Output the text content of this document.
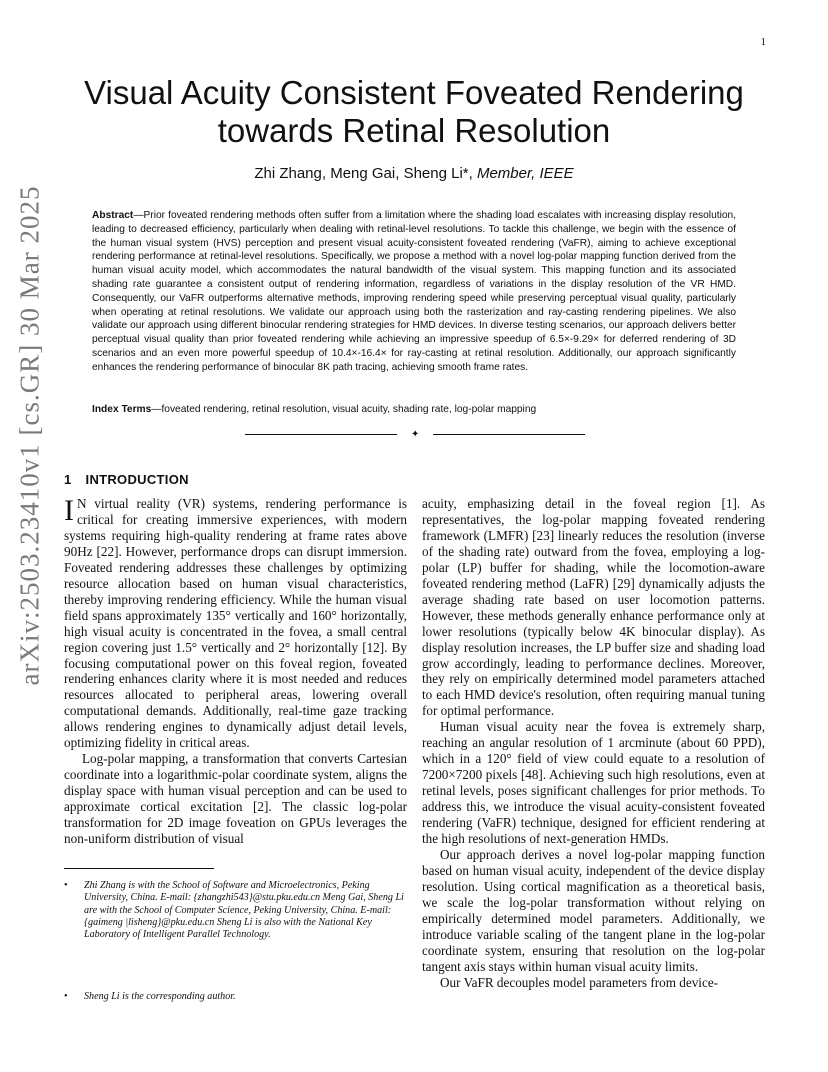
1
arXiv:2503.23410v1 [cs.GR] 30 Mar 2025
Visual Acuity Consistent Foveated Rendering
towards Retinal Resolution
Zhi Zhang, Meng Gai, Sheng Li*, Member, IEEE

Abstract—Prior foveated rendering methods often suffer from a limitation where the shading load escalates with increasing display resolution, leading to decreased efficiency, particularly when dealing with retinal-level resolutions. To tackle this challenge, we begin with the essence of the human visual system (HVS) perception and present visual acuity-consistent foveated rendering (VaFR), aiming to achieve exceptional rendering performance at retinal-level resolutions. Specifically, we propose a method with a novel log-polar mapping function derived from the human visual acuity model, which accommodates the natural bandwidth of the visual system. This mapping function and its associated shading rate guarantee a consistent output of rendering information, regardless of variations in the display resolution of the VR HMD. Consequently, our VaFR outperforms alternative methods, improving rendering speed while preserving perceptual visual quality, particularly when operating at retinal resolutions. We validate our approach using both the rasterization and ray-casting rendering pipelines. We also validate our approach using different binocular rendering strategies for HMD devices. In diverse testing scenarios, our approach delivers better perceptual visual quality than prior foveated rendering while achieving an impressive speedup of 6.5×-9.29× for deferred rendering of 3D scenarios and an even more powerful speedup of 10.4×-16.4× for ray-casting at retinal resolution. Additionally, our approach significantly enhances the rendering performance of binocular 8K path tracing, achieving smooth frame rates.

Index Terms—foveated rendering, retinal resolution, visual acuity, shading rate, log-polar mapping
✦
1 INTRODUCTION

I N virtual reality (VR) systems, rendering performance is critical for creating immersive experiences, with modern systems requiring high-quality rendering at frame rates above 90Hz [22]. However, performance drops can disrupt immersion. Foveated rendering addresses these challenges by optimizing resource allocation based on human visual characteristics, thereby improving rendering efficiency. While the human visual field spans approximately 135° vertically and 160° horizontally, high visual acuity is concentrated in the fovea, a small central region covering just 1.5° vertically and 2° horizontally [12]. By focusing computational power on this foveal region, foveated rendering enhances clarity where it is most needed and reduces resources allocated to peripheral areas, lowering overall computational demands. Additionally, real-time gaze tracking allows rendering engines to dynamically adjust detail levels, optimizing fidelity in critical areas.

Log-polar mapping, a transformation that converts Cartesian coordinate into a logarithmic-polar coordinate system, aligns the display space with human visual perception and can be used to approximate cortical excitation [2]. The classic log-polar transformation for 2D image foveation on GPUs leverages the non-uniform distribution of visual

acuity, emphasizing detail in the foveal region [1]. As representatives, the log-polar mapping foveated rendering framework (LMFR) [23] linearly reduces the resolution (inverse of the shading rate) outward from the fovea, employing a log-polar (LP) buffer for shading, while the locomotion-aware foveated rendering method (LaFR) [29] dynamically adjusts the average shading rate based on user locomotion patterns. However, these methods generally enhance performance only at lower resolutions (typically below 4K binocular display). As display resolution increases, the LP buffer size and shading load grow accordingly, leading to performance declines. Moreover, they rely on empirically determined model parameters attached to each HMD device's resolution, often requiring manual tuning for optimal performance.

Human visual acuity near the fovea is extremely sharp, reaching an angular resolution of 1 arcminute (about 60 PPD), which in a 120° field of view could equate to a resolution of 7200×7200 pixels [48]. Achieving such high resolutions, even at retinal levels, poses significant challenges for prior methods. To address this, we introduce the visual acuity-consistent foveated rendering (VaFR) technique, designed for efficient rendering at the high resolutions of next-generation HMDs.

Our approach derives a novel log-polar mapping function based on human visual acuity, independent of the device display resolution. Using cortical magnification as a theoretical basis, we scale the log-polar transformation without relying on empirically determined model parameters. Additionally, we introduce variable scaling of the tangent plane in the log-polar coordinate system, ensuring that resolution on the log-polar tangent axis stays within human visual acuity limits.

Our VaFR decouples model parameters from device-

• Zhi Zhang is with the School of Software and Microelectronics, Peking University, China. E-mail: {zhangzhi543}@stu.pku.edu.cn Meng Gai, Sheng Li are with the School of Computer Science, Peking University, China. E-mail: {gaimeng |lisheng}@pku.edu.cn Sheng Li is also with the National Key Laboratory of Intelligent Parallel Technology.
• Sheng Li is the corresponding author.
